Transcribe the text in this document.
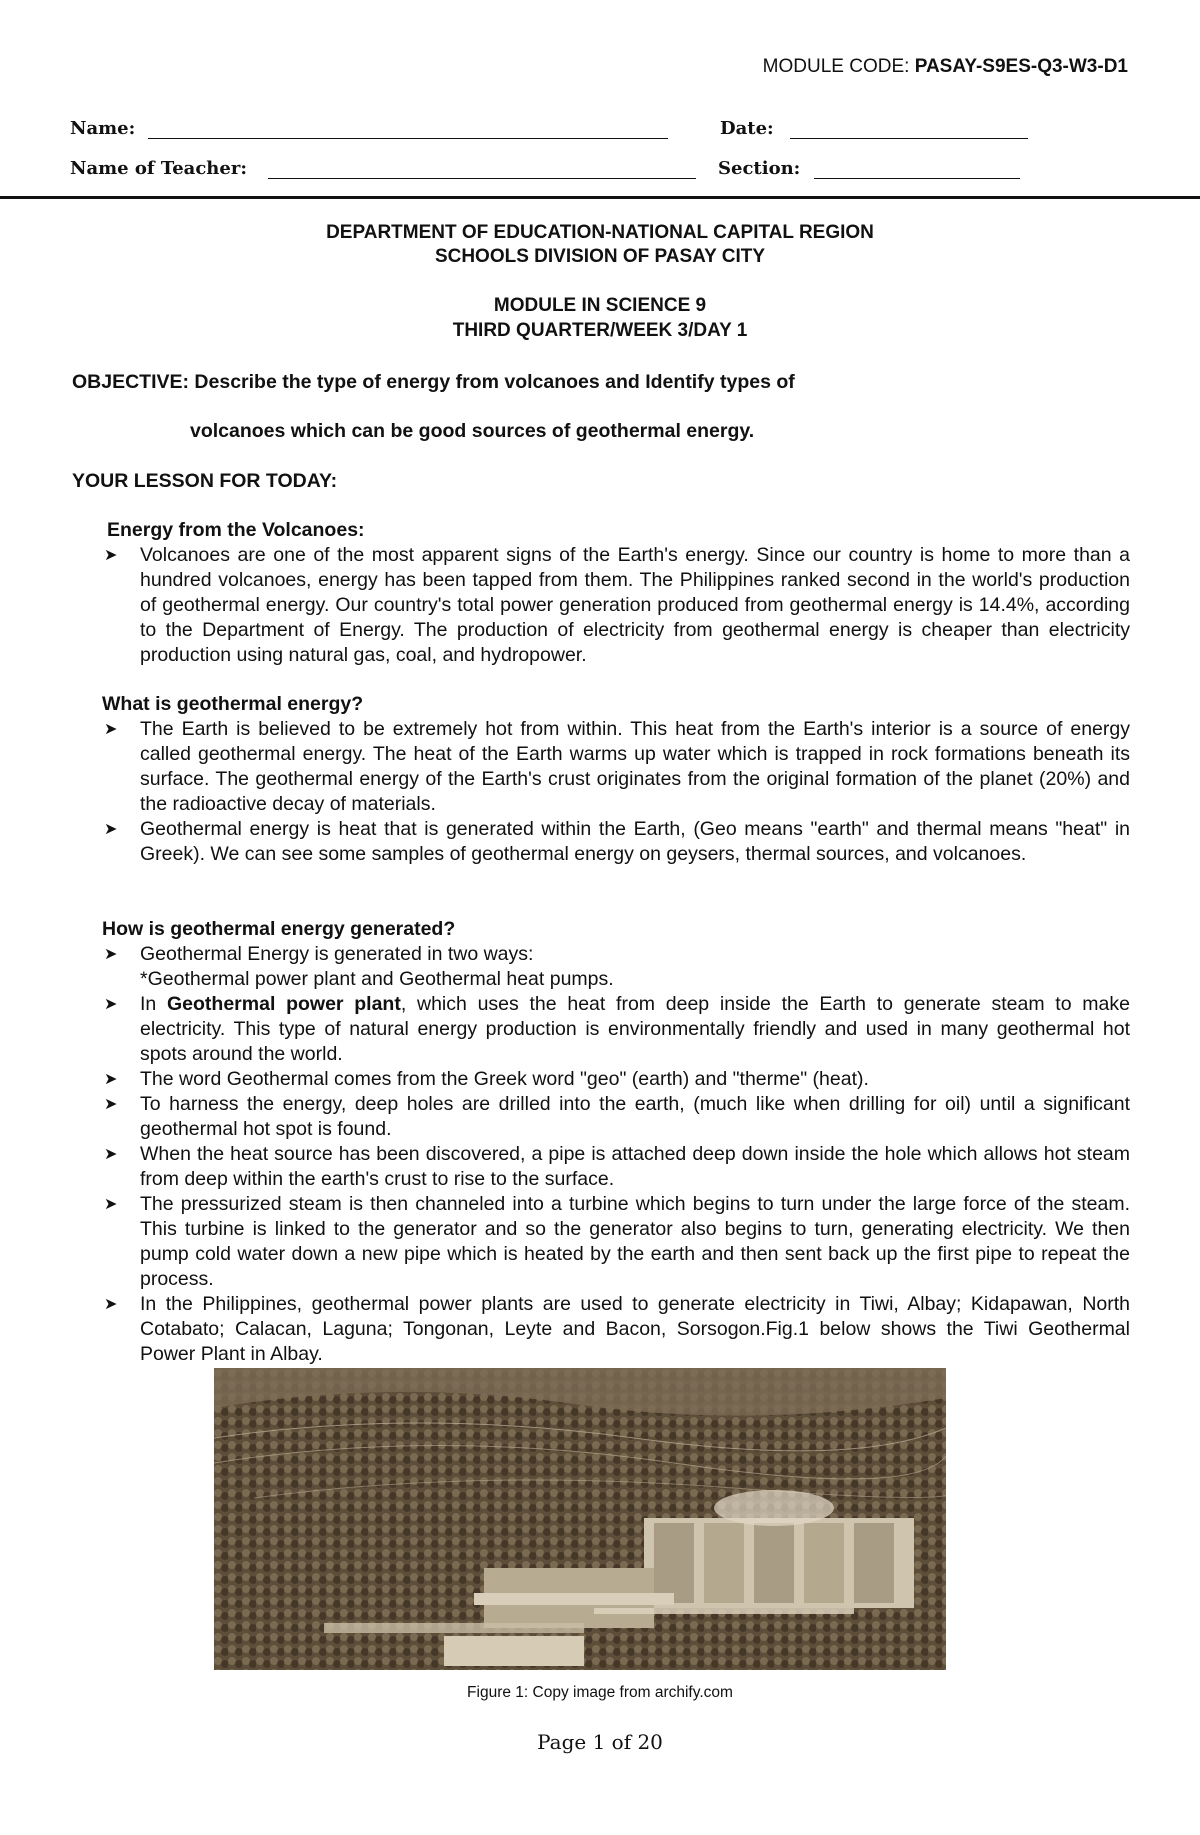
MODULE CODE: PASAY-S9ES-Q3-W3-D1
Name:	Date:
Name of Teacher:	Section:
DEPARTMENT OF EDUCATION-NATIONAL CAPITAL REGION
SCHOOLS DIVISION OF PASAY CITY
MODULE IN SCIENCE 9
THIRD QUARTER/WEEK 3/DAY 1
OBJECTIVE: Describe the type of energy from volcanoes and Identify types of
volcanoes which can be good sources of geothermal energy.
YOUR LESSON FOR TODAY:
Energy from the Volcanoes:
➤	Volcanoes are one of the most apparent signs of the Earth's energy. Since our country is home to more than a hundred volcanoes, energy has been tapped from them. The Philippines ranked second in the world's production of geothermal energy. Our country's total power generation produced from geothermal energy is 14.4%, according to the Department of Energy. The production of electricity from geothermal energy is cheaper than electricity production using natural gas, coal, and hydropower.
What is geothermal energy?
➤	The Earth is believed to be extremely hot from within. This heat from the Earth's interior is a source of energy called geothermal energy. The heat of the Earth warms up water which is trapped in rock formations beneath its surface. The geothermal energy of the Earth's crust originates from the original formation of the planet (20%) and the radioactive decay of materials.
➤	Geothermal energy is heat that is generated within the Earth, (Geo means "earth" and thermal means "heat" in Greek). We can see some samples of geothermal energy on geysers, thermal sources, and volcanoes.
How is geothermal energy generated?
➤	Geothermal Energy is generated in two ways:
*Geothermal power plant and Geothermal heat pumps.
➤	In Geothermal power plant, which uses the heat from deep inside the Earth to generate steam to make electricity. This type of natural energy production is environmentally friendly and used in many geothermal hot spots around the world.
➤	The word Geothermal comes from the Greek word "geo" (earth) and "therme" (heat).
➤	To harness the energy, deep holes are drilled into the earth, (much like when drilling for oil) until a significant geothermal hot spot is found.
➤	When the heat source has been discovered, a pipe is attached deep down inside the hole which allows hot steam from deep within the earth's crust to rise to the surface.
➤	The pressurized steam is then channeled into a turbine which begins to turn under the large force of the steam. This turbine is linked to the generator and so the generator also begins to turn, generating electricity. We then pump cold water down a new pipe which is heated by the earth and then sent back up the first pipe to repeat the process.
➤	In the Philippines, geothermal power plants are used to generate electricity in Tiwi, Albay; Kidapawan, North Cotabato; Calacan, Laguna; Tongonan, Leyte and Bacon, Sorsogon.Fig.1 below shows the Tiwi Geothermal Power Plant in Albay.
Figure 1: Copy image from archify.com
Page 1 of 20
